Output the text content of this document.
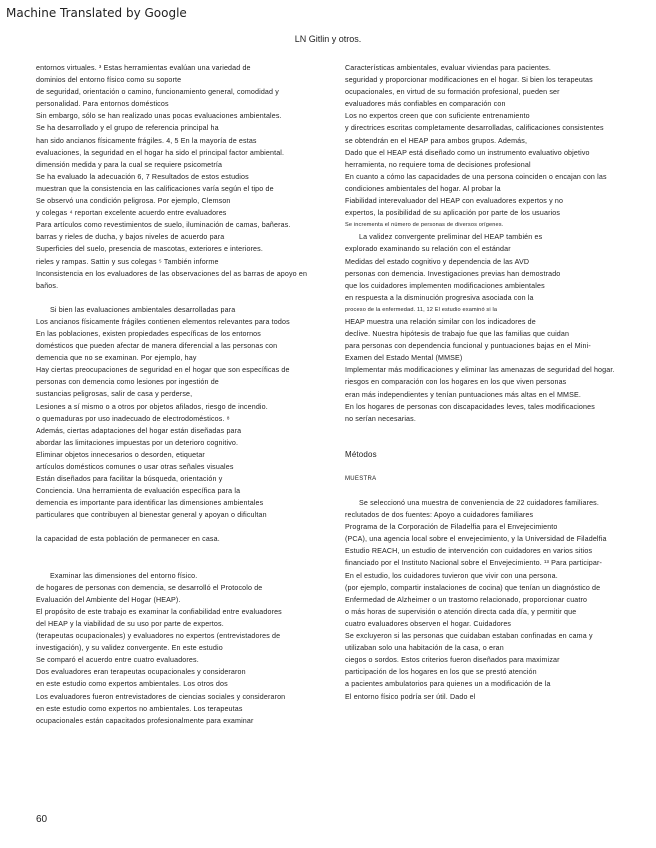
Machine Translated by Google
LN Gitlin y otros.

entornos virtuales. ³ Estas herramientas evalúan una variedad de

dominios del entorno físico como su soporte

de seguridad, orientación o camino, funcionamiento general, comodidad y

personalidad. Para entornos domésticos

Sin embargo, sólo se han realizado unas pocas evaluaciones ambientales.

Se ha desarrollado y el grupo de referencia principal ha

han sido ancianos físicamente frágiles. 4, 5 En la mayoría de estas

evaluaciones, la seguridad en el hogar ha sido el principal factor ambiental.

dimensión medida y para la cual se requiere psicometría

Se ha evaluado la adecuación 6, 7 Resultados de estos estudios

muestran que la consistencia en las calificaciones varía según el tipo de

Se observó una condición peligrosa. Por ejemplo, Clemson

y colegas ⁴ reportan excelente acuerdo entre evaluadores

Para artículos como revestimientos de suelo, iluminación de camas, bañeras.

barras y rieles de ducha, y bajos niveles de acuerdo para

Superficies del suelo, presencia de mascotas, exteriores e interiores.

rieles y rampas. Sattin y sus colegas ⁵ También informe

Inconsistencia en los evaluadores de las observaciones del as barras de apoyo en

baños.

Si bien las evaluaciones ambientales desarrolladas para

Los ancianos físicamente frágiles contienen elementos relevantes para todos

En las poblaciones, existen propiedades específicas de los entornos

domésticos que pueden afectar de manera diferencial a las personas con

demencia que no se examinan. Por ejemplo, hay

Hay ciertas preocupaciones de seguridad en el hogar que son específicas de

personas con demencia como lesiones por ingestión de

sustancias peligrosas, salir de casa y perderse,

Lesiones a sí mismo o a otros por objetos afilados, riesgo de incendio.

o quemaduras por uso inadecuado de electrodomésticos. ⁸

Además, ciertas adaptaciones del hogar están diseñadas para

abordar las limitaciones impuestas por un deterioro cognitivo.

Eliminar objetos innecesarios o desorden, etiquetar

artículos domésticos comunes o usar otras señales visuales

Están diseñados para facilitar la búsqueda, orientación y

Conciencia. Una herramienta de evaluación específica para la

demencia es importante para identificar las dimensiones ambientales

particulares que contribuyen al bienestar general y apoyan o dificultan

la capacidad de esta población de permanecer en casa.

Examinar las dimensiones del entorno físico.

de hogares de personas con demencia, se desarrolló el Protocolo de

Evaluación del Ambiente del Hogar (HEAP).

El propósito de este trabajo es examinar la confiabilidad entre evaluadores

del HEAP y la viabilidad de su uso por parte de expertos.

(terapeutas ocupacionales) y evaluadores no expertos (entrevistadores de

investigación), y su validez convergente. En este estudio

Se comparó el acuerdo entre cuatro evaluadores.

Dos evaluadores eran terapeutas ocupacionales y consideraron

en este estudio como expertos ambientales. Los otros dos

Los evaluadores fueron entrevistadores de ciencias sociales y consideraron

en este estudio como expertos no ambientales. Los terapeutas

ocupacionales están capacitados profesionalmente para examinar

Características ambientales, evaluar viviendas para pacientes.

seguridad y proporcionar modificaciones en el hogar. Si bien los terapeutas

ocupacionales, en virtud de su formación profesional, pueden ser

evaluadores más confiables en comparación con

Los no expertos creen que con suficiente entrenamiento

y directrices escritas completamente desarrolladas, calificaciones consistentes

se obtendrán en el HEAP para ambos grupos. Además,

Dado que el HEAP está diseñado como un instrumento evaluativo objetivo

herramienta, no requiere toma de decisiones profesional

En cuanto a cómo las capacidades de una persona coinciden o encajan con las

condiciones ambientales del hogar. Al probar la

Fiabilidad interevaluador del HEAP con evaluadores expertos y no

expertos, la posibilidad de su aplicación por parte de los usuarios

Se incrementa el número de personas de diversos orígenes.

La validez convergente preliminar del HEAP también es

explorado examinando su relación con el estándar

Medidas del estado cognitivo y dependencia de las AVD

personas con demencia. Investigaciones previas han demostrado

que los cuidadores implementen modificaciones ambientales

en respuesta a la disminución progresiva asociada con la

proceso de la enfermedad. 11, 12 El estudio examinó si la

HEAP muestra una relación similar con los indicadores de

declive. Nuestra hipótesis de trabajo fue que las familias que cuidan

para personas con dependencia funcional y puntuaciones bajas en el Mini-

Examen del Estado Mental (MMSE)

Implementar más modificaciones y eliminar las amenazas de seguridad del hogar.

riesgos en comparación con los hogares en los que viven personas

eran más independientes y tenían puntuaciones más altas en el MMSE.

En los hogares de personas con discapacidades leves, tales modificaciones

no serían necesarias.

Métodos

MUESTRA

Se seleccionó una muestra de conveniencia de 22 cuidadores familiares.

reclutados de dos fuentes: Apoyo a cuidadores familiares

Programa de la Corporación de Filadelfia para el Envejecimiento

(PCA), una agencia local sobre el envejecimiento, y la Universidad de Filadelfia

Estudio REACH, un estudio de intervención con cuidadores en varios sitios

financiado por el Instituto Nacional sobre el Envejecimiento. ¹³ Para participar-

En el estudio, los cuidadores tuvieron que vivir con una persona.

(por ejemplo, compartir instalaciones de cocina) que tenían un diagnóstico de

Enfermedad de Alzheimer o un trastorno relacionado, proporcionar cuatro

o más horas de supervisión o atención directa cada día, y permitir que

cuatro evaluadores observen el hogar. Cuidadores

Se excluyeron si las personas que cuidaban estaban confinadas en cama y

utilizaban solo una habitación de la casa, o eran

ciegos o sordos. Estos criterios fueron diseñados para maximizar

participación de los hogares en los que se prestó atención

a pacientes ambulatorios para quienes un a modificación de la

El entorno físico podría ser útil. Dado el

60
